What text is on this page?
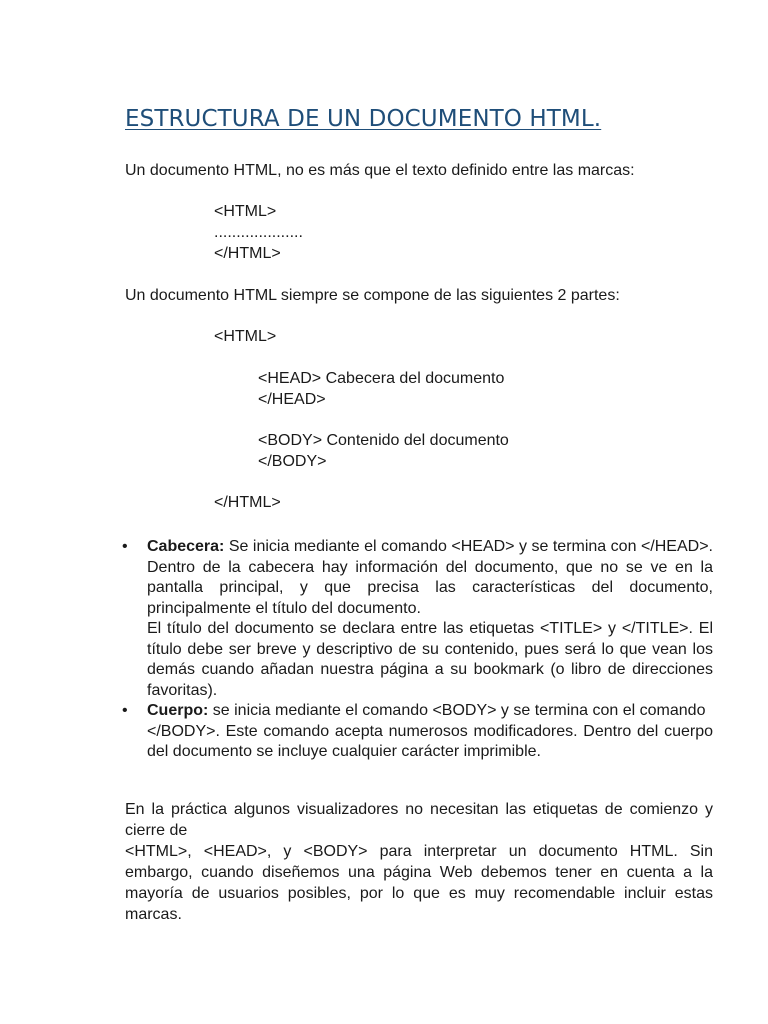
ESTRUCTURA DE UN DOCUMENTO HTML.

Un documento HTML, no es más que el texto definido entre las marcas:

<HTML>

....................

</HTML>

Un documento HTML siempre se compone de las siguientes 2 partes:

<HTML>

<HEAD> Cabecera del documento

</HEAD>

<BODY> Contenido del documento

</BODY>

</HTML>

• Cabecera: Se inicia mediante el comando <HEAD> y se termina con </HEAD>. Dentro de la cabecera hay información del documento, que no se ve en la pantalla principal, y que precisa las características del documento, principalmente el título del documento.

El título del documento se declara entre las etiquetas <TITLE> y </TITLE>. El título debe ser breve y descriptivo de su contenido, pues será lo que vean los demás cuando añadan nuestra página a su bookmark (o libro de direcciones favoritas).

• Cuerpo: se inicia mediante el comando <BODY> y se termina con el comando

</BODY>. Este comando acepta numerosos modificadores. Dentro del cuerpo del documento se incluye cualquier carácter imprimible.

En la práctica algunos visualizadores no necesitan las etiquetas de comienzo y cierre de
<HTML>, <HEAD>, y <BODY> para interpretar un documento HTML. Sin embargo, cuando diseñemos una página Web debemos tener en cuenta a la mayoría de usuarios posibles, por lo que es muy recomendable incluir estas marcas.
